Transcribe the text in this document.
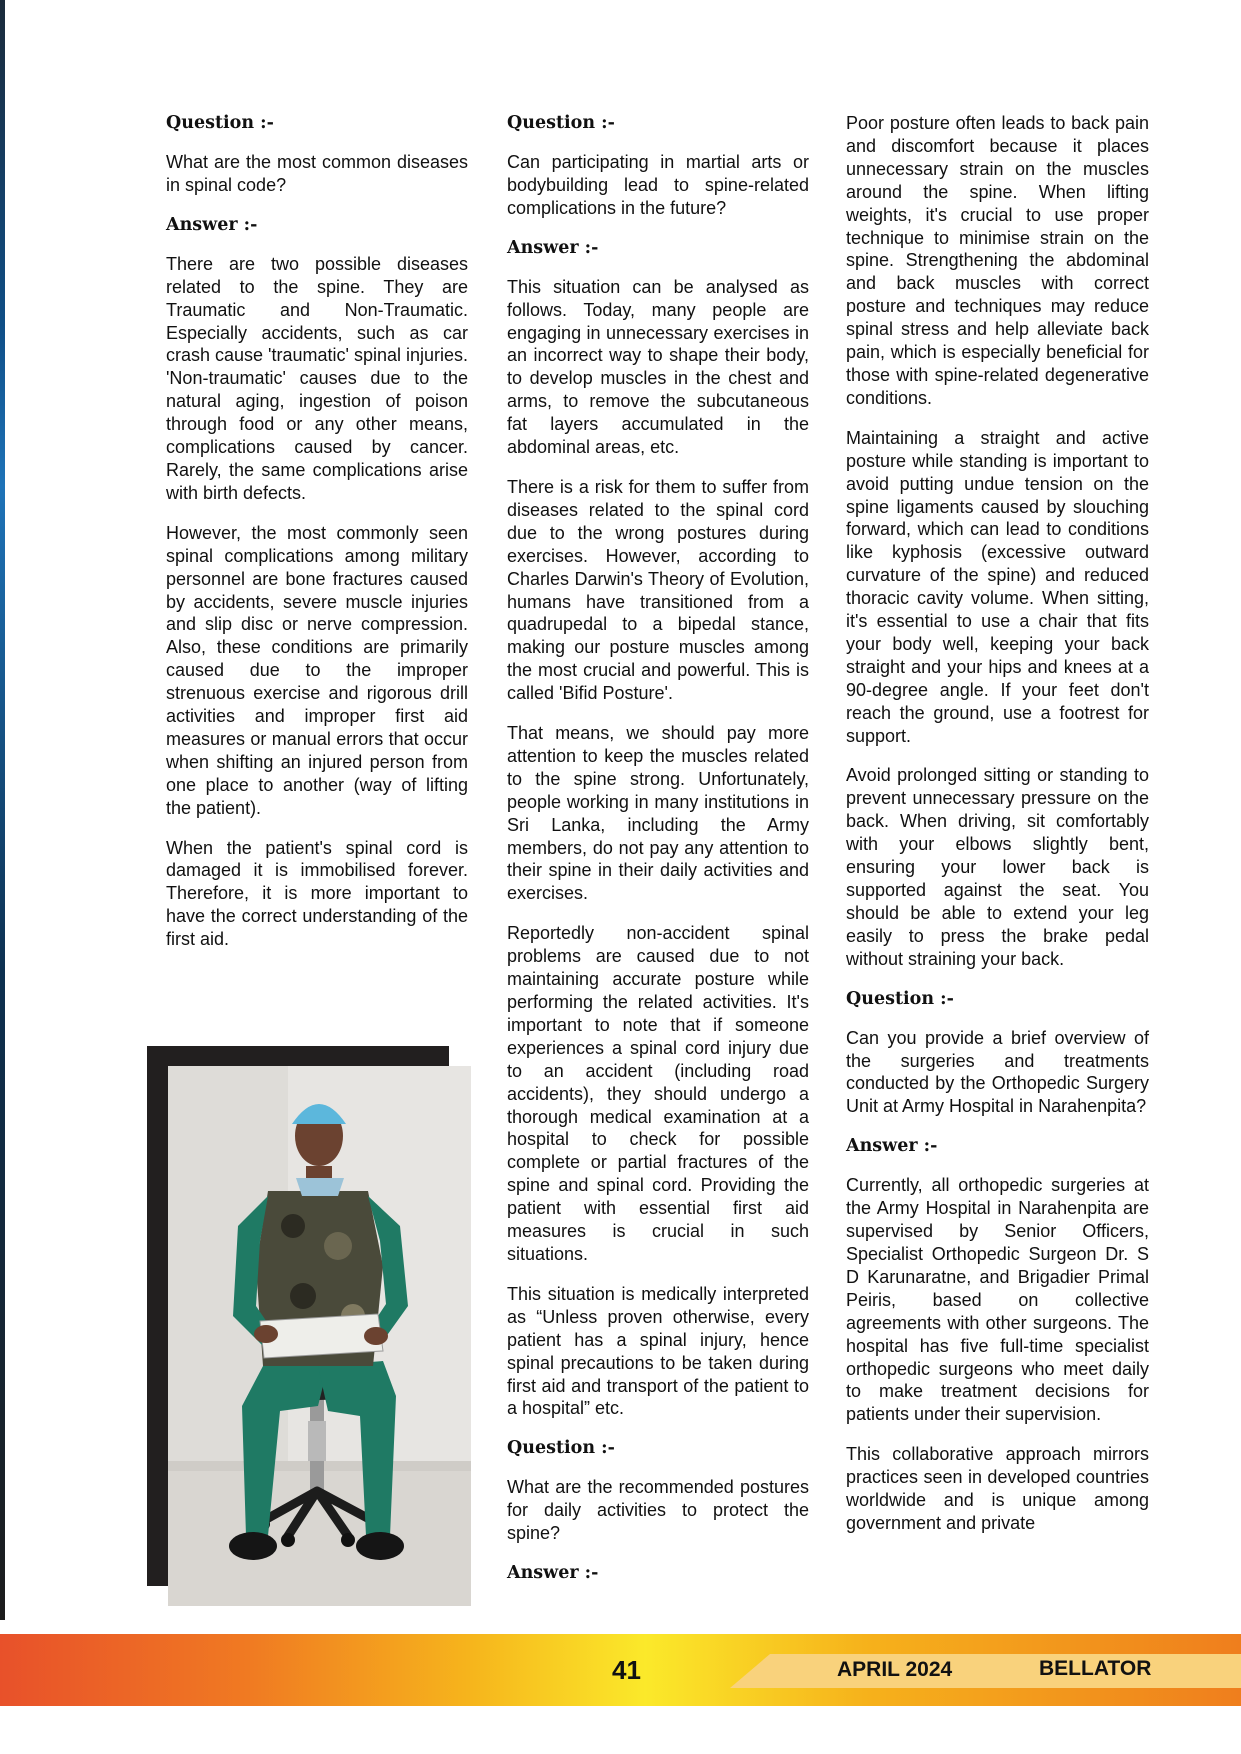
Question :-

What are the most common diseases in spinal code?

Answer :-

There are two possible diseases related to the spine. They are Traumatic and Non-Traumatic. Especially accidents, such as car crash cause 'traumatic' spinal injuries. 'Non-traumatic' causes due to the natural aging, ingestion of poison through food or any other means, complications caused by cancer. Rarely, the same complications arise with birth defects.

However, the most commonly seen spinal complications among military personnel are bone fractures caused by accidents, severe muscle injuries and slip disc or nerve compression. Also, these conditions are primarily caused due to the improper strenuous exercise and rigorous drill activities and improper first aid measures or manual errors that occur when shifting an injured person from one place to another (way of lifting the patient).

When the patient's spinal cord is damaged it is immobilised forever. Therefore, it is more important to have the correct understanding of the first aid.

Question :-

Can participating in martial arts or bodybuilding lead to spine-related complications in the future?

Answer :-

This situation can be analysed as follows. Today, many people are engaging in unnecessary exercises in an incorrect way to shape their body, to develop muscles in the chest and arms, to remove the subcutaneous fat layers accumulated in the abdominal areas, etc.

There is a risk for them to suffer from diseases related to the spinal cord due to the wrong postures during exercises. However, according to Charles Darwin's Theory of Evolution, humans have transitioned from a quadrupedal to a bipedal stance, making our posture muscles among the most crucial and powerful. This is called 'Bifid Posture'.

That means, we should pay more attention to keep the muscles related to the spine strong. Unfortunately, people working in many institutions in Sri Lanka, including the Army members, do not pay any attention to their spine in their daily activities and exercises.

Reportedly non-accident spinal problems are caused due to not maintaining accurate posture while performing the related activities. It's important to note that if someone experiences a spinal cord injury due to an accident (including road accidents), they should undergo a thorough medical examination at a hospital to check for possible complete or partial fractures of the spine and spinal cord. Providing the patient with essential first aid measures is crucial in such situations.

This situation is medically interpreted as “Unless proven otherwise, every patient has a spinal injury, hence spinal precautions to be taken during first aid and transport of the patient to a hospital” etc.

Question :-

What are the recommended postures for daily activities to protect the spine?

Answer :-

Poor posture often leads to back pain and discomfort because it places unnecessary strain on the muscles around the spine. When lifting weights, it's crucial to use proper technique to minimise strain on the spine. Strengthening the abdominal and back muscles with correct posture and techniques may reduce spinal stress and help alleviate back pain, which is especially beneficial for those with spine-related degenerative conditions.

Maintaining a straight and active posture while standing is important to avoid putting undue tension on the spine ligaments caused by slouching forward, which can lead to conditions like kyphosis (excessive outward curvature of the spine) and reduced thoracic cavity volume. When sitting, it's essential to use a chair that fits your body well, keeping your back straight and your hips and knees at a 90-degree angle. If your feet don't reach the ground, use a footrest for support.

Avoid prolonged sitting or standing to prevent unnecessary pressure on the back. When driving, sit comfortably with your elbows slightly bent, ensuring your lower back is supported against the seat. You should be able to extend your leg easily to press the brake pedal without straining your back.

Question :-

Can you provide a brief overview of the surgeries and treatments conducted by the Orthopedic Surgery Unit at Army Hospital in Narahenpita?

Answer :-

Currently, all orthopedic surgeries at the Army Hospital in Narahenpita are supervised by Senior Officers, Specialist Orthopedic Surgeon Dr. S D Karunaratne, and Brigadier Primal Peiris, based on collective agreements with other surgeons. The hospital has five full-time specialist orthopedic surgeons who meet daily to make treatment decisions for patients under their supervision.

This collaborative approach mirrors practices seen in developed countries worldwide and is unique among government and private

41	APRIL 2024	BELLATOR
